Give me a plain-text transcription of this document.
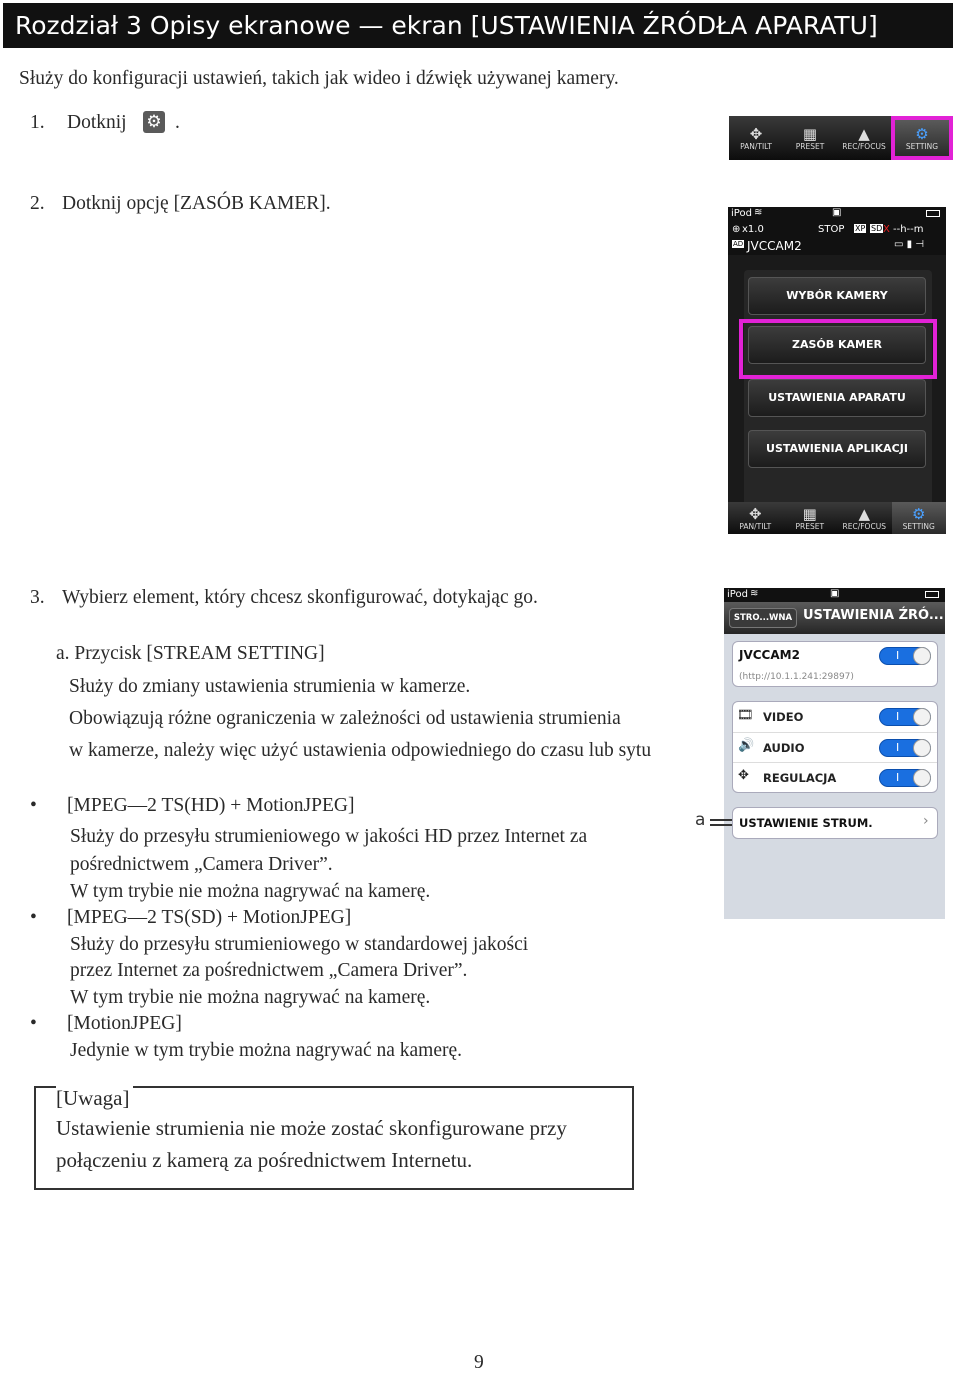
Rozdział 3 Opisy ekranowe — ekran [USTAWIENIA ŹRÓDŁA APARATU]
Służy do konfiguracji ustawień, takich jak wideo i dźwięk używanej kamery.
1. Dotknij ⚙ .
✥
PAN/TILT
▦
PRESET
▲
REC/FOCUS
⚙
SETTING
2. Dotknij opcję [ZASÓB KAMER].	iPod ≋	▣
⊕ x1.0	STOP XP SD X --h--m
AD JVCCAM2	▭ ▮ ⊣
WYBÓR KAMERY
ZASÓB KAMER
USTAWIENIA APARATU
USTAWIENIA APLIKACJI
✥
PAN/TILT
▦
PRESET
▲
REC/FOCUS
⚙
SETTING
3. Wybierz element, który chcesz skonfigurować, dotykając go.
a. Przycisk [STREAM SETTING]
Służy do zmiany ustawienia strumienia w kamerze.
Obowiązują różne ograniczenia w zależności od ustawienia strumienia
w kamerze, należy więc użyć ustawienia odpowiedniego do czasu lub sytu
• [MPEG—2 TS(HD) + MotionJPEG]
Służy do przesyłu strumieniowego w jakości HD przez Internet za
pośrednictwem „Camera Driver”.
W tym trybie nie można nagrywać na kamerę.
• [MPEG—2 TS(SD) + MotionJPEG]
Służy do przesyłu strumieniowego w standardowej jakości
przez Internet za pośrednictwem „Camera Driver”.
W tym trybie nie można nagrywać na kamerę.
• [MotionJPEG]
Jedynie w tym trybie można nagrywać na kamerę.
iPod ≋	▣
STRO...WNA USTAWIENIA ŹRÓ...
JVCCAM2
(http://10.1.1.241:29897)
I
🎞 VIDEO	I
🔊 AUDIO	I
✥ REGULACJA	I
USTAWIENIE STRUM.	›
a
[Uwaga]
Ustawienie strumienia nie może zostać skonfigurowane przy
połączeniu z kamerą za pośrednictwem Internetu.
9
